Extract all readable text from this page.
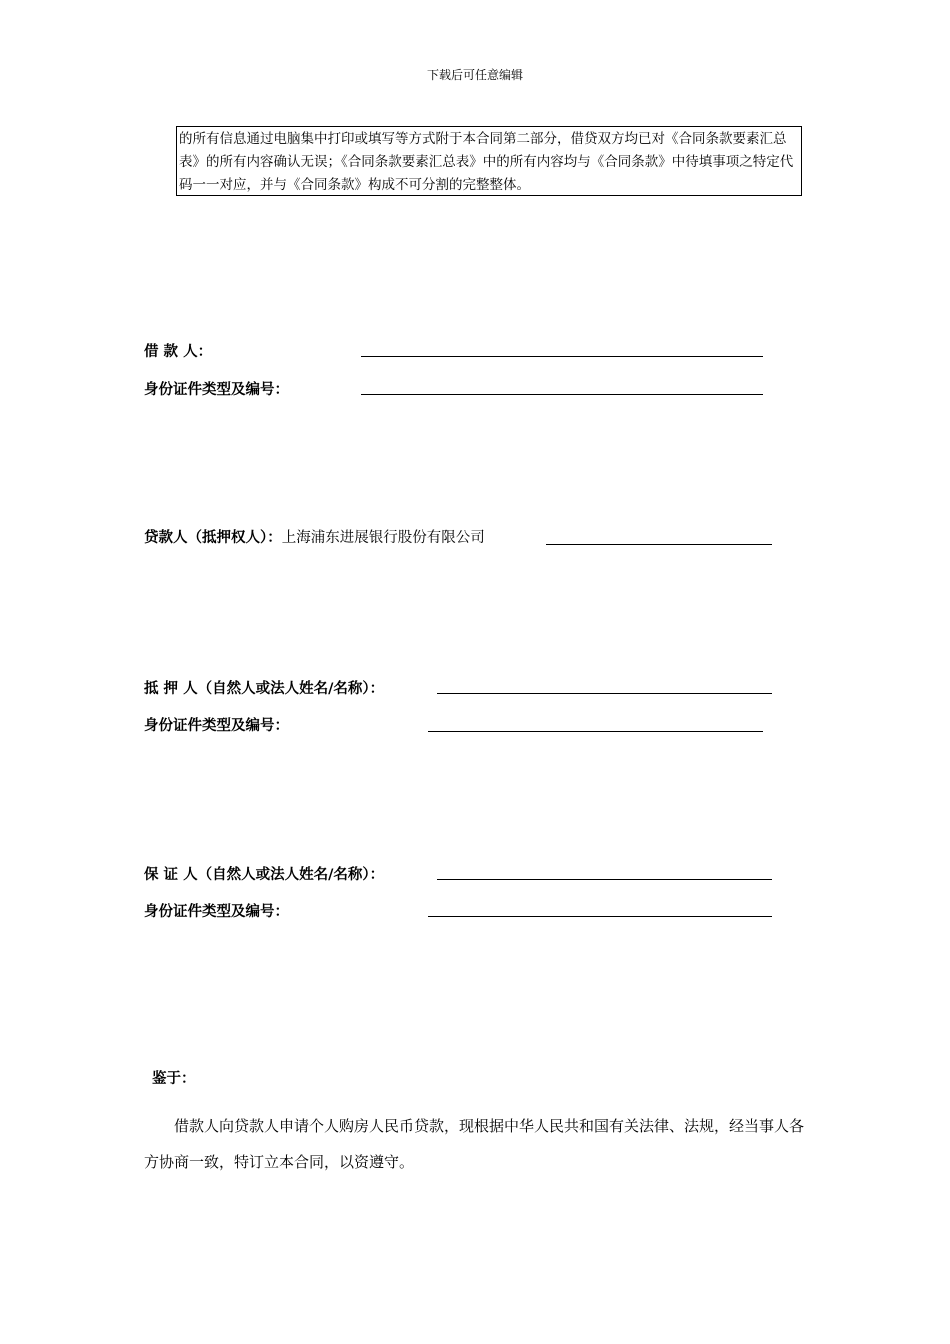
下载后可任意编辑
的所有信息通过电脑集中打印或填写等方式附于本合同第二部分，借贷双方均已对《合同条款要素汇总表》的所有内容确认无误；《合同条款要素汇总表》中的所有内容均与《合同条款》中待填事项之特定代码一一对应，并与《合同条款》构成不可分割的完整整体。
借 款 人：
身份证件类型及编号：
贷款人（抵押权人）：上海浦东进展银行股份有限公司
抵 押 人（自然人或法人姓名/名称）：
身份证件类型及编号：
保 证 人（自然人或法人姓名/名称）：
身份证件类型及编号：
鉴于：
借款人向贷款人申请个人购房人民币贷款，现根据中华人民共和国有关法律、法规，经当事人各方协商一致，特订立本合同，以资遵守。
